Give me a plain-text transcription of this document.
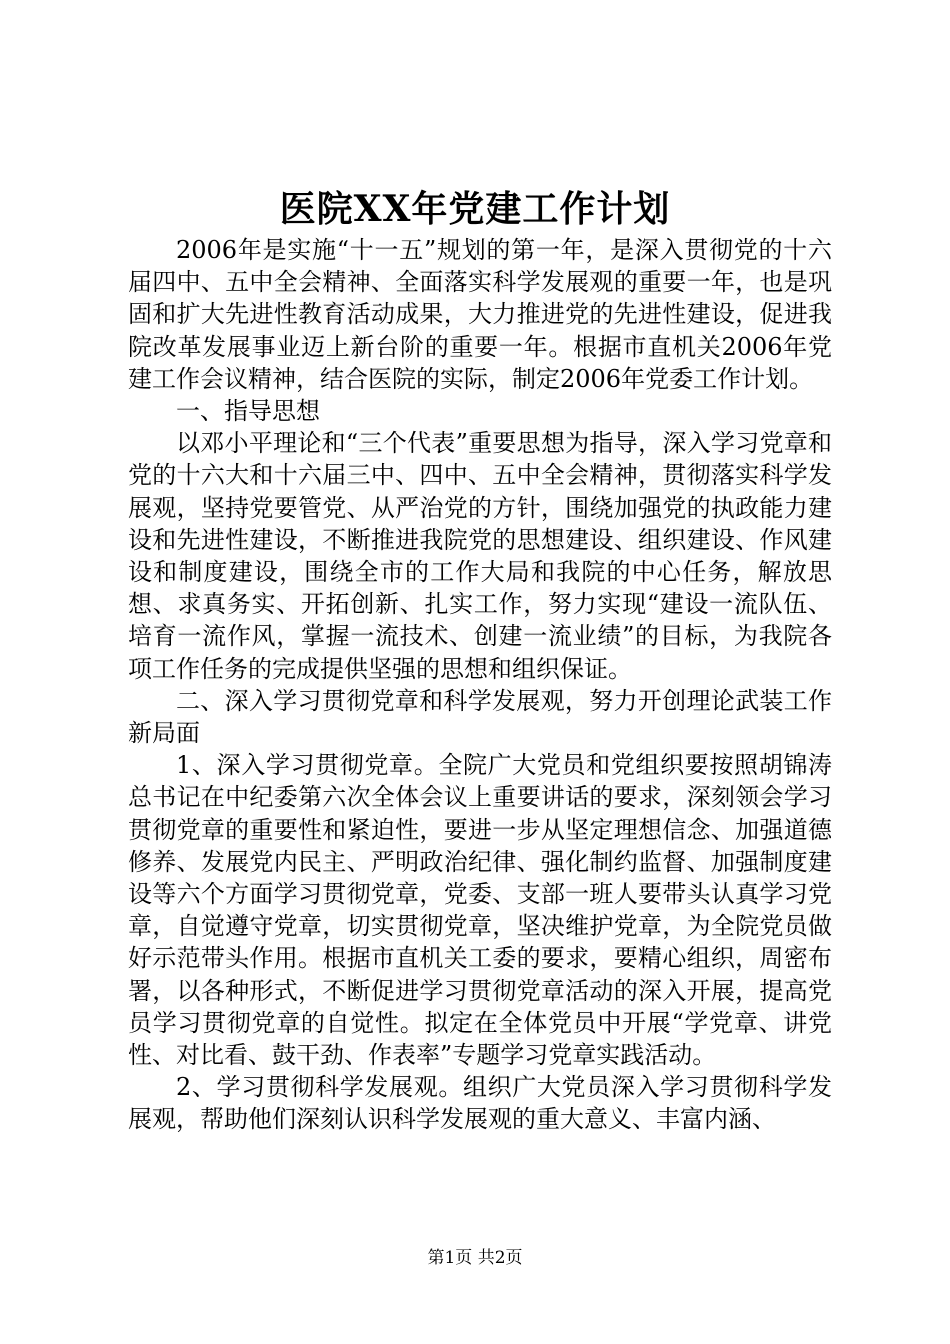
医院XX年党建工作计划

2006年是实施“十一五”规划的第一年，是深入贯彻党的十六届四中、五中全会精神、全面落实科学发展观的重要一年，也是巩固和扩大先进性教育活动成果，大力推进党的先进性建设，促进我院改革发展事业迈上新台阶的重要一年。根据市直机关2006年党建工作会议精神，结合医院的实际，制定2006年党委工作计划。

一、指导思想

以邓小平理论和“三个代表”重要思想为指导，深入学习党章和党的十六大和十六届三中、四中、五中全会精神，贯彻落实科学发展观，坚持党要管党、从严治党的方针，围绕加强党的执政能力建设和先进性建设，不断推进我院党的思想建设、组织建设、作风建设和制度建设，围绕全市的工作大局和我院的中心任务，解放思想、求真务实、开拓创新、扎实工作，努力实现“建设一流队伍、培育一流作风，掌握一流技术、创建一流业绩”的目标，为我院各项工作任务的完成提供坚强的思想和组织保证。

二、深入学习贯彻党章和科学发展观，努力开创理论武装工作新局面

1、深入学习贯彻党章。全院广大党员和党组织要按照胡锦涛总书记在中纪委第六次全体会议上重要讲话的要求，深刻领会学习贯彻党章的重要性和紧迫性，要进一步从坚定理想信念、加强道德修养、发展党内民主、严明政治纪律、强化制约监督、加强制度建设等六个方面学习贯彻党章，党委、支部一班人要带头认真学习党章，自觉遵守党章，切实贯彻党章，坚决维护党章，为全院党员做好示范带头作用。根据市直机关工委的要求，要精心组织，周密布署，以各种形式，不断促进学习贯彻党章活动的深入开展，提高党员学习贯彻党章的自觉性。拟定在全体党员中开展“学党章、讲党性、对比看、鼓干劲、作表率”专题学习党章实践活动。

2、学习贯彻科学发展观。组织广大党员深入学习贯彻科学发展观，帮助他们深刻认识科学发展观的重大意义、丰富内涵、

第1页 共2页
